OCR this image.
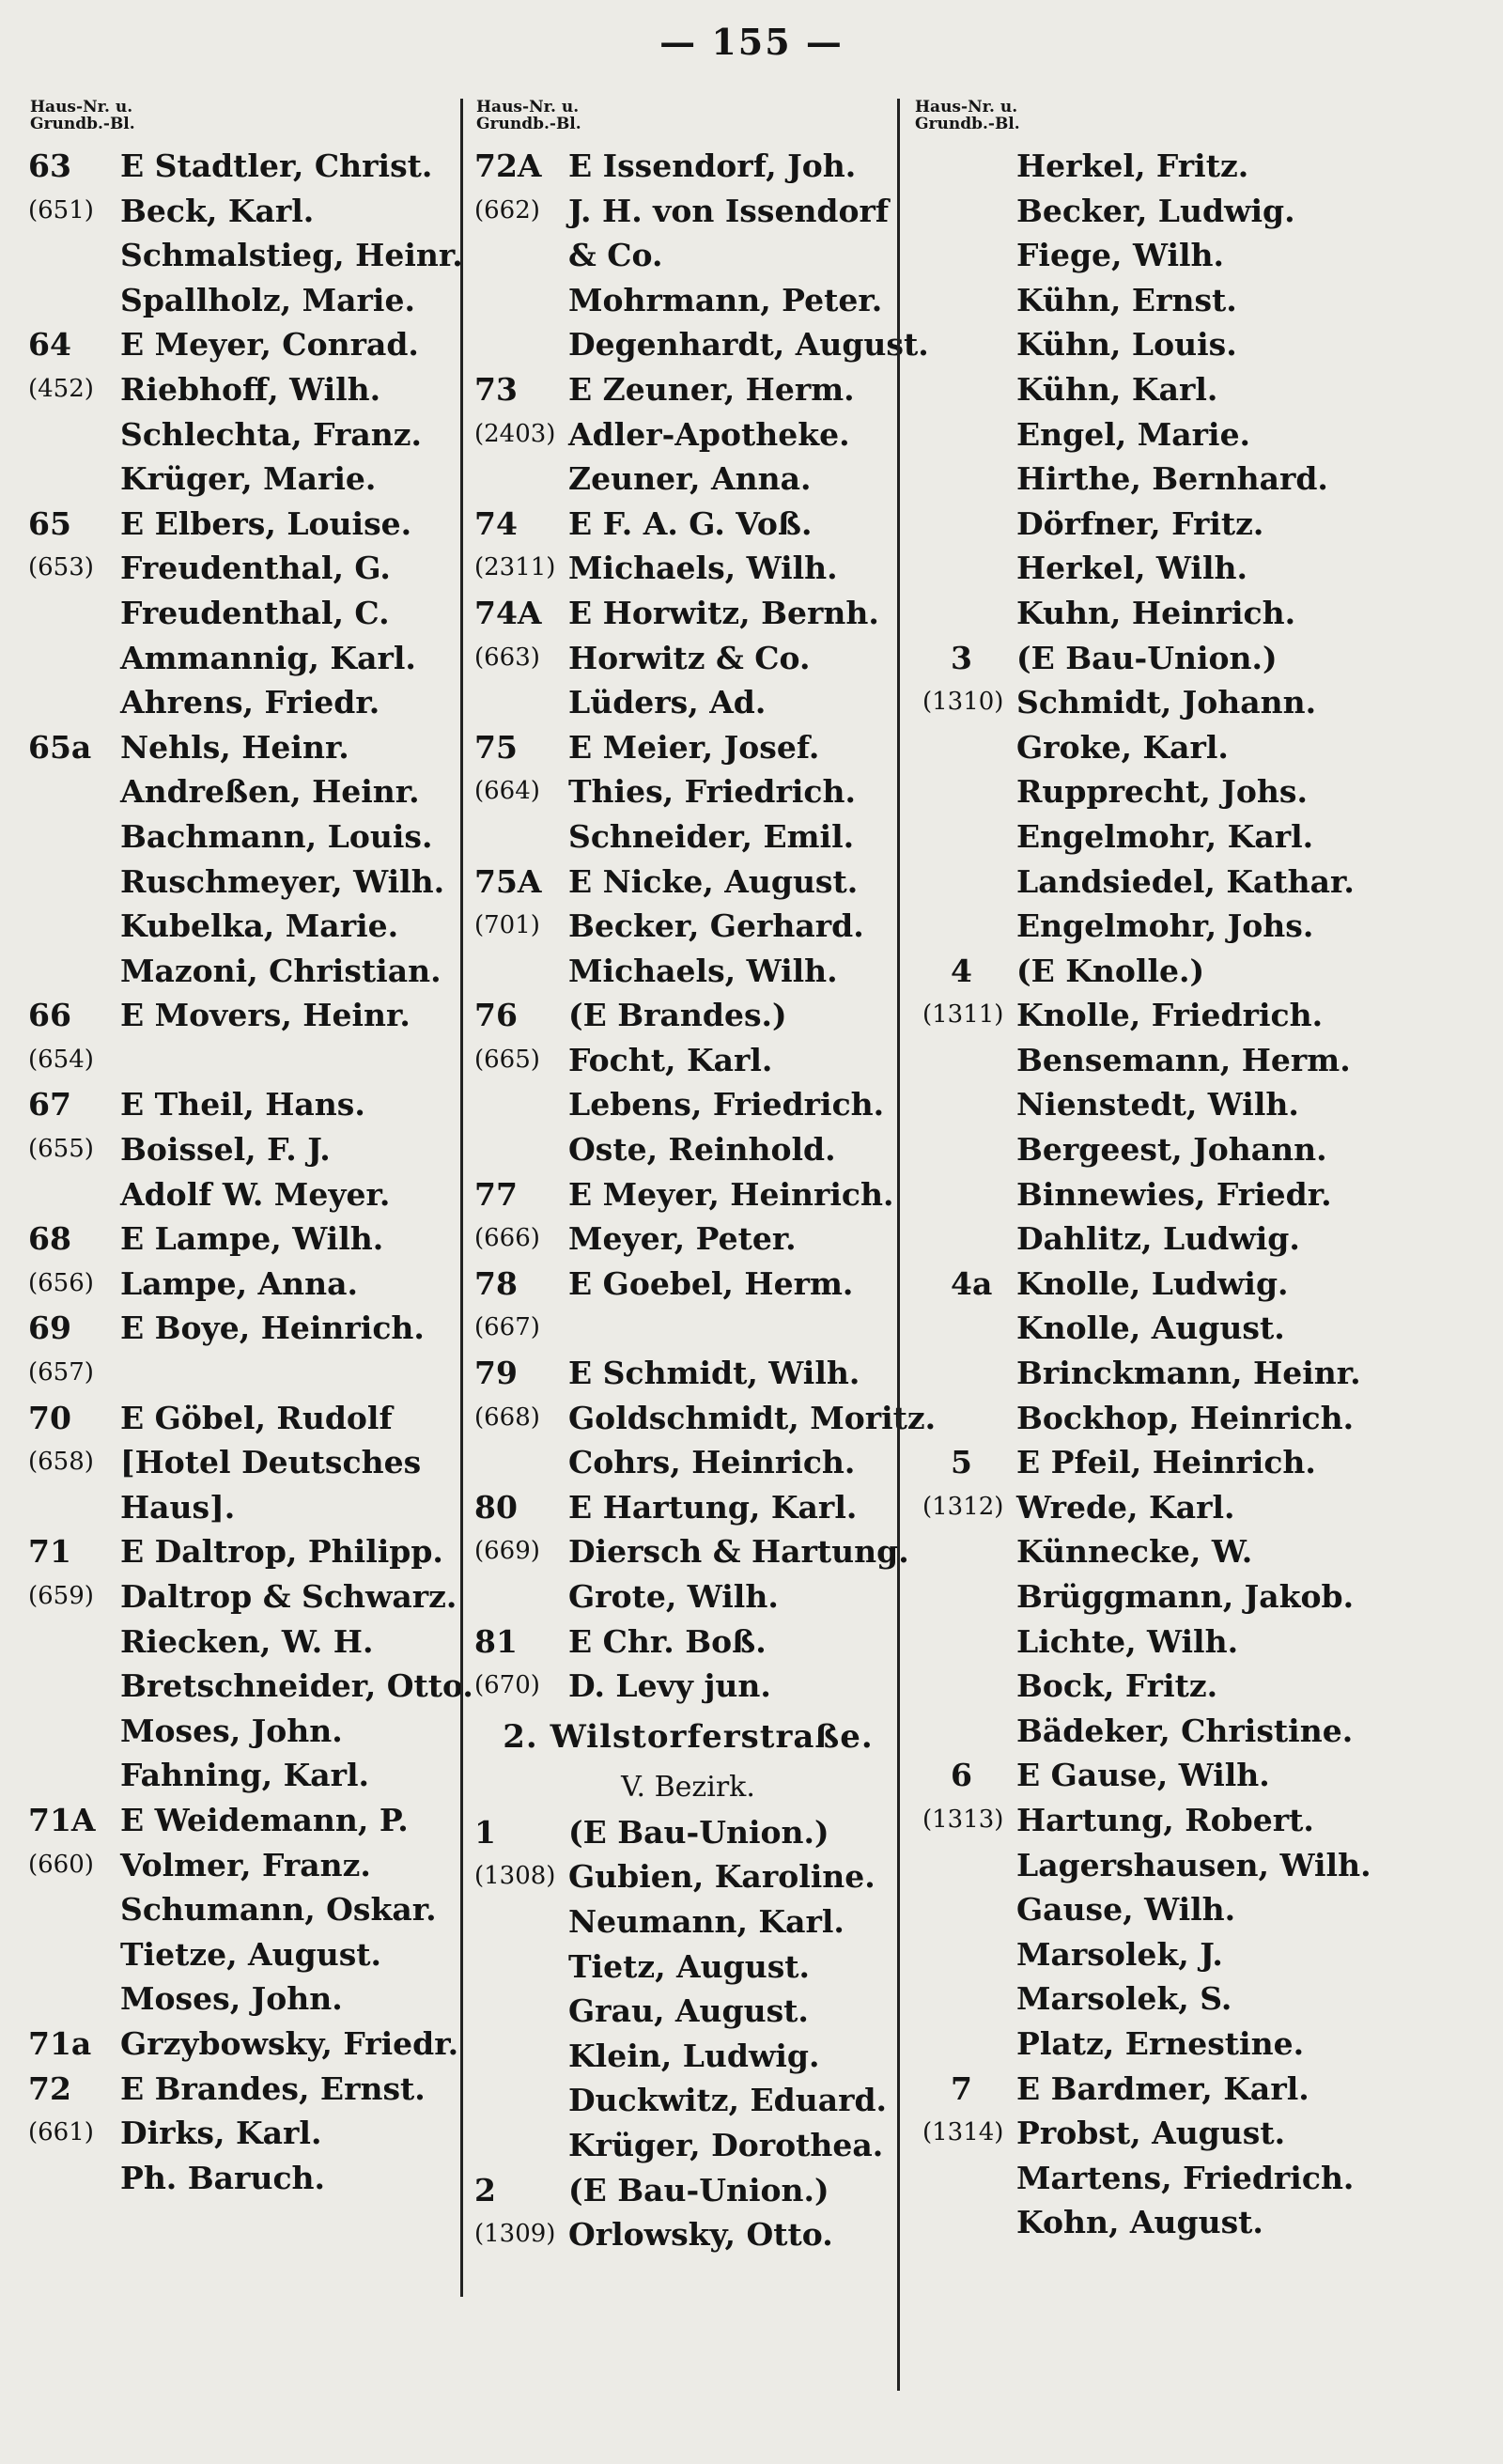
— 155 —
Haus-Nr. u.
Grundb.-Bl.
63 E Stadtler, Christ.
(651) Beck, Karl.
Schmalstieg, Heinr.
Spallholz, Marie.
64 E Meyer, Conrad.
(452) Riebhoff, Wilh.
Schlechta, Franz.
Krüger, Marie.
65 E Elbers, Louise.
(653) Freudenthal, G.
Freudenthal, C.
Ammannig, Karl.
Ahrens, Friedr.
65a Nehls, Heinr.
Andreßen, Heinr.
Bachmann, Louis.
Ruschmeyer, Wilh.
Kubelka, Marie.
Mazoni, Christian.
66 E Movers, Heinr.
(654)
67 E Theil, Hans.
(655) Boissel, F. J.
Adolf W. Meyer.
68 E Lampe, Wilh.
(656) Lampe, Anna.
69 E Boye, Heinrich.
(657)
70 E Göbel, Rudolf
(658) [Hotel Deutsches
Haus].
71 E Daltrop, Philipp.
(659) Daltrop & Schwarz.
Riecken, W. H.
Bretschneider, Otto.
Moses, John.
Fahning, Karl.
71A E Weidemann, P.
(660) Volmer, Franz.
Schumann, Oskar.
Tietze, August.
Moses, John.
71a Grzybowsky, Friedr.
72 E Brandes, Ernst.
(661) Dirks, Karl.
Ph. Baruch.
Haus-Nr. u.
Grundb.-Bl.
72A E Issendorf, Joh.
(662) J. H. von Issendorf
& Co.
Mohrmann, Peter.
Degenhardt, August.
73 E Zeuner, Herm.
(2403) Adler-Apotheke.
Zeuner, Anna.
74 E F. A. G. Voß.
(2311) Michaels, Wilh.
74A E Horwitz, Bernh.
(663) Horwitz & Co.
Lüders, Ad.
75 E Meier, Josef.
(664) Thies, Friedrich.
Schneider, Emil.
75A E Nicke, August.
(701) Becker, Gerhard.
Michaels, Wilh.
76 (E Brandes.)
(665) Focht, Karl.
Lebens, Friedrich.
Oste, Reinhold.
77 E Meyer, Heinrich.
(666) Meyer, Peter.
78 E Goebel, Herm.
(667)
79 E Schmidt, Wilh.
(668) Goldschmidt, Moritz.
Cohrs, Heinrich.
80 E Hartung, Karl.
(669) Diersch & Hartung.
Grote, Wilh.
81 E Chr. Boß.
(670) D. Levy jun.
2. Wilstorferstraße.
V. Bezirk.
1 (E Bau-Union.)
(1308) Gubien, Karoline.
Neumann, Karl.
Tietz, August.
Grau, August.
Klein, Ludwig.
Duckwitz, Eduard.
Krüger, Dorothea.
2 (E Bau-Union.)
(1309) Orlowsky, Otto.
Haus-Nr. u.
Grundb.-Bl.
Herkel, Fritz.
Becker, Ludwig.
Fiege, Wilh.
Kühn, Ernst.
Kühn, Louis.
Kühn, Karl.
Engel, Marie.
Hirthe, Bernhard.
Dörfner, Fritz.
Herkel, Wilh.
Kuhn, Heinrich.
3 (E Bau-Union.)
(1310) Schmidt, Johann.
Groke, Karl.
Rupprecht, Johs.
Engelmohr, Karl.
Landsiedel, Kathar.
Engelmohr, Johs.
4 (E Knolle.)
(1311) Knolle, Friedrich.
Bensemann, Herm.
Nienstedt, Wilh.
Bergeest, Johann.
Binnewies, Friedr.
Dahlitz, Ludwig.
4a Knolle, Ludwig.
Knolle, August.
Brinckmann, Heinr.
Bockhop, Heinrich.
5 E Pfeil, Heinrich.
(1312) Wrede, Karl.
Künnecke, W.
Brüggmann, Jakob.
Lichte, Wilh.
Bock, Fritz.
Bädeker, Christine.
6 E Gause, Wilh.
(1313) Hartung, Robert.
Lagershausen, Wilh.
Gause, Wilh.
Marsolek, J.
Marsolek, S.
Platz, Ernestine.
7 E Bardmer, Karl.
(1314) Probst, August.
Martens, Friedrich.
Kohn, August.
